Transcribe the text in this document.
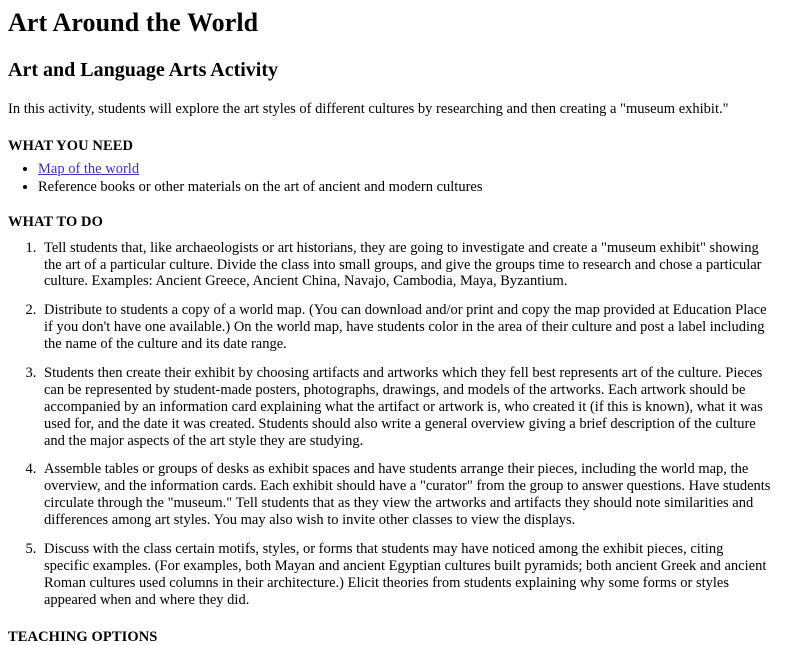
Art Around the World
Art and Language Arts Activity

In this activity, students will explore the art styles of different cultures by researching and then creating a "museum exhibit."

WHAT YOU NEED
• Map of the world
• Reference books or other materials on the art of ancient and modern cultures
WHAT TO DO
1. Tell students that, like archaeologists or art historians, they are going to investigate and create a "museum exhibit" showing the art of a particular culture. Divide the class into small groups, and give the groups time to research and chose a particular culture. Examples: Ancient Greece, Ancient China, Navajo, Cambodia, Maya, Byzantium.
2. Distribute to students a copy of a world map. (You can download and/or print and copy the map provided at Education Place if you don't have one available.) On the world map, have students color in the area of their culture and post a label including the name of the culture and its date range.
3. Students then create their exhibit by choosing artifacts and artworks which they fell best represents art of the culture. Pieces can be represented by student-made posters, photographs, drawings, and models of the artworks. Each artwork should be accompanied by an information card explaining what the artifact or artwork is, who created it (if this is known), what it was used for, and the date it was created. Students should also write a general overview giving a brief description of the culture and the major aspects of the art style they are studying.
4. Assemble tables or groups of desks as exhibit spaces and have students arrange their pieces, including the world map, the overview, and the information cards. Each exhibit should have a "curator" from the group to answer questions. Have students circulate through the "museum." Tell students that as they view the artworks and artifacts they should note similarities and differences among art styles. You may also wish to invite other classes to view the displays.
5. Discuss with the class certain motifs, styles, or forms that students may have noticed among the exhibit pieces, citing specific examples. (For examples, both Mayan and ancient Egyptian cultures built pyramids; both ancient Greek and ancient Roman cultures used columns in their architecture.) Elicit theories from students explaining why some forms or styles appeared when and where they did.
TEACHING OPTIONS
